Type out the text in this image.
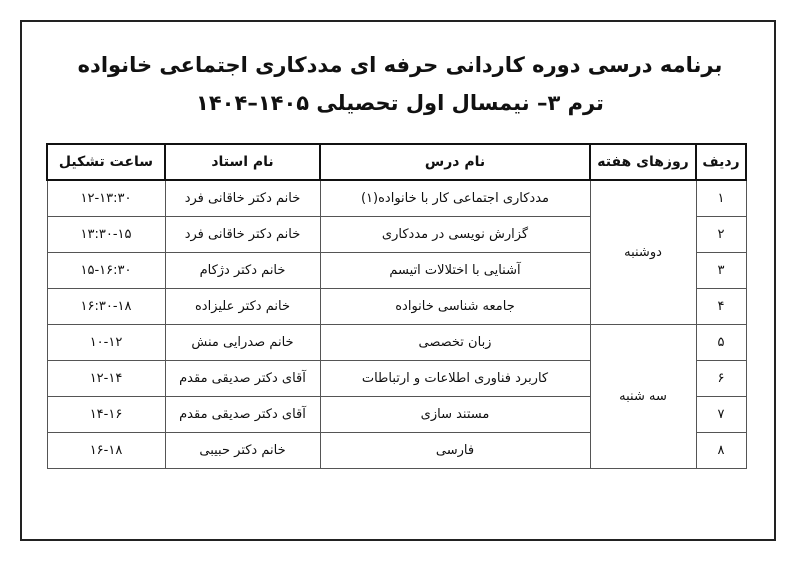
برنامه درسی دوره کاردانی حرفه ای مددکاری اجتماعی خانواده
ترم ۳– نیمسال اول تحصیلی ۱۴۰۵–۱۴۰۴
ردیف	روزهای هفته	نام درس	نام استاد	ساعت تشکیل
۱	دوشنبه	مددکاری اجتماعی کار با خانواده(۱)	خانم دکتر خاقانی فرد	۱۲-۱۳:۳۰
۲		گزارش نویسی در مددکاری	خانم دکتر خاقانی فرد	۱۳:۳۰-۱۵
۳		آشنایی با اختلالات اتیسم	خانم دکتر دژکام	۱۵-۱۶:۳۰
۴		جامعه شناسی خانواده	خانم دکتر علیزاده	۱۶:۳۰-۱۸
۵	سه شنبه	زبان تخصصی	خانم صدرایی منش	۱۰-۱۲
۶		کاربرد فناوری اطلاعات و ارتباطات	آقای دکتر صدیقی مقدم	۱۲-۱۴
۷		مستند سازی	آقای دکتر صدیقی مقدم	۱۴-۱۶
۸		فارسی	خانم دکتر حبیبی	۱۶-۱۸
